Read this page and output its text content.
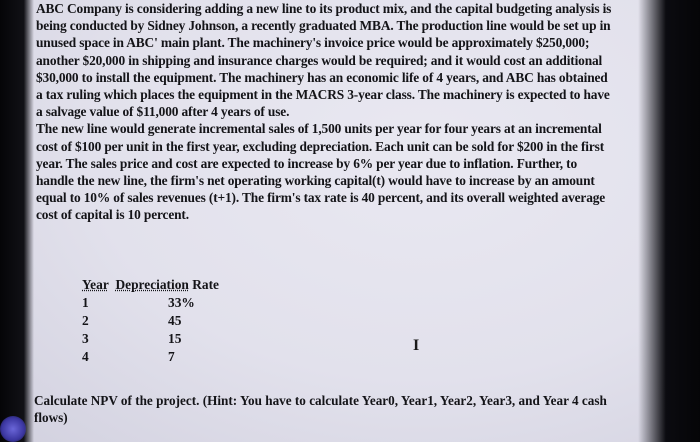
ABC Company is considering adding a new line to its product mix, and the capital budgeting analysis is being conducted by Sidney Johnson, a recently graduated MBA. The production line would be set up in unused space in ABC' main plant. The machinery's invoice price would be approximately $250,000; another $20,000 in shipping and insurance charges would be required; and it would cost an additional $30,000 to install the equipment. The machinery has an economic life of 4 years, and ABC has obtained a tax ruling which places the equipment in the MACRS 3-year class. The machinery is expected to have a salvage value of $11,000 after 4 years of use.

The new line would generate incremental sales of 1,500 units per year for four years at an incremental cost of $100 per unit in the first year, excluding depreciation. Each unit can be sold for $200 in the first year. The sales price and cost are expected to increase by 6% per year due to inflation. Further, to handle the new line, the firm's net operating working capital(t) would have to increase by an amount equal to 10% of sales revenues (t+1). The firm's tax rate is 40 percent, and its overall weighted average cost of capital is 10 percent.

Year Depreciation Rate
1	33%
2	45
3	15
4	7
I
Calculate NPV of the project. (Hint: You have to calculate Year0, Year1, Year2, Year3, and Year 4 cash flows)
